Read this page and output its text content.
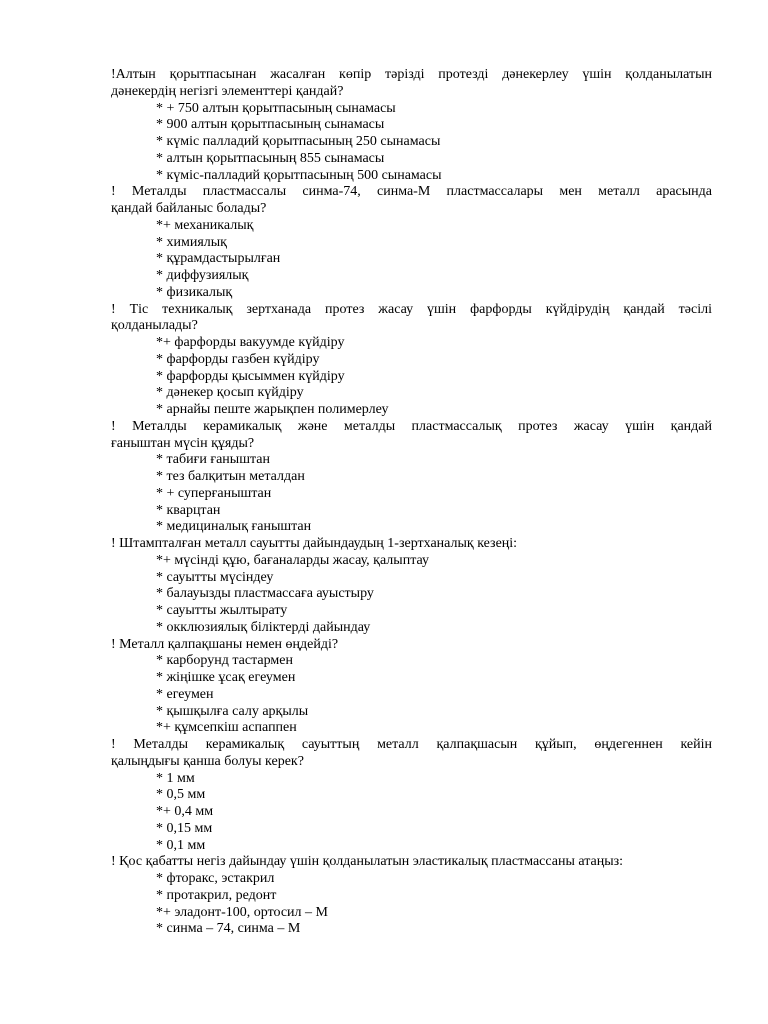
!Алтын қорытпасынан жасалған көпір тәрізді протезді дәнекерлеу үшін қолданылатын
дәнекердің негізгі элементтері қандай?
* + 750 алтын қорытпасының сынамасы
* 900 алтын қорытпасының сынамасы
* күміс палладий қорытпасының 250 сынамасы
* алтын қорытпасының 855 сынамасы
* күміс-палладий қорытпасының 500 сынамасы
! Металды пластмассалы синма-74, синма-М пластмассалары мен металл арасында
қандай байланыс болады?
*+ механикалық
* химиялық
* құрамдастырылған
* диффузиялық
* физикалық
! Тіс техникалық зертханада протез жасау үшін фарфорды күйдірудің қандай тәсілі
қолданылады?
*+ фарфорды вакуумде күйдіру
* фарфорды газбен күйдіру
* фарфорды қысыммен күйдіру
* дәнекер қосып күйдіру
* арнайы пеште жарықпен полимерлеу
! Металды керамикалық және металды пластмассалық протез жасау үшін қандай
ғаныштан мүсін құяды?
* табиғи ғаныштан
* тез балқитын металдан
* + суперғаныштан
* кварцтан
* медициналық ғаныштан
! Штампталған металл сауытты дайындаудың 1-зертханалық кезеңі:
*+ мүсінді құю, бағаналарды жасау, қалыптау
* сауытты мүсіндеу
* балауызды пластмассаға ауыстыру
* сауытты жылтырату
* окклюзиялық біліктерді дайындау
! Металл қалпақшаны немен өңдейді?
* карборунд тастармен
* жіңішке ұсақ егеумен
* егеумен
* қышқылға салу арқылы
*+ құмсепкіш аспаппен
! Металды керамикалық сауыттың металл қалпақшасын құйып, өңдегеннен кейін
қалыңдығы қанша болуы керек?
* 1 мм
* 0,5 мм
*+ 0,4 мм
* 0,15 мм
* 0,1 мм
! Қос қабатты негіз дайындау үшін қолданылатын эластикалық пластмассаны атаңыз:
* фторакс, эстакрил
* протакрил, редонт
*+ эладонт-100, ортосил – М
* синма – 74, синма – М
